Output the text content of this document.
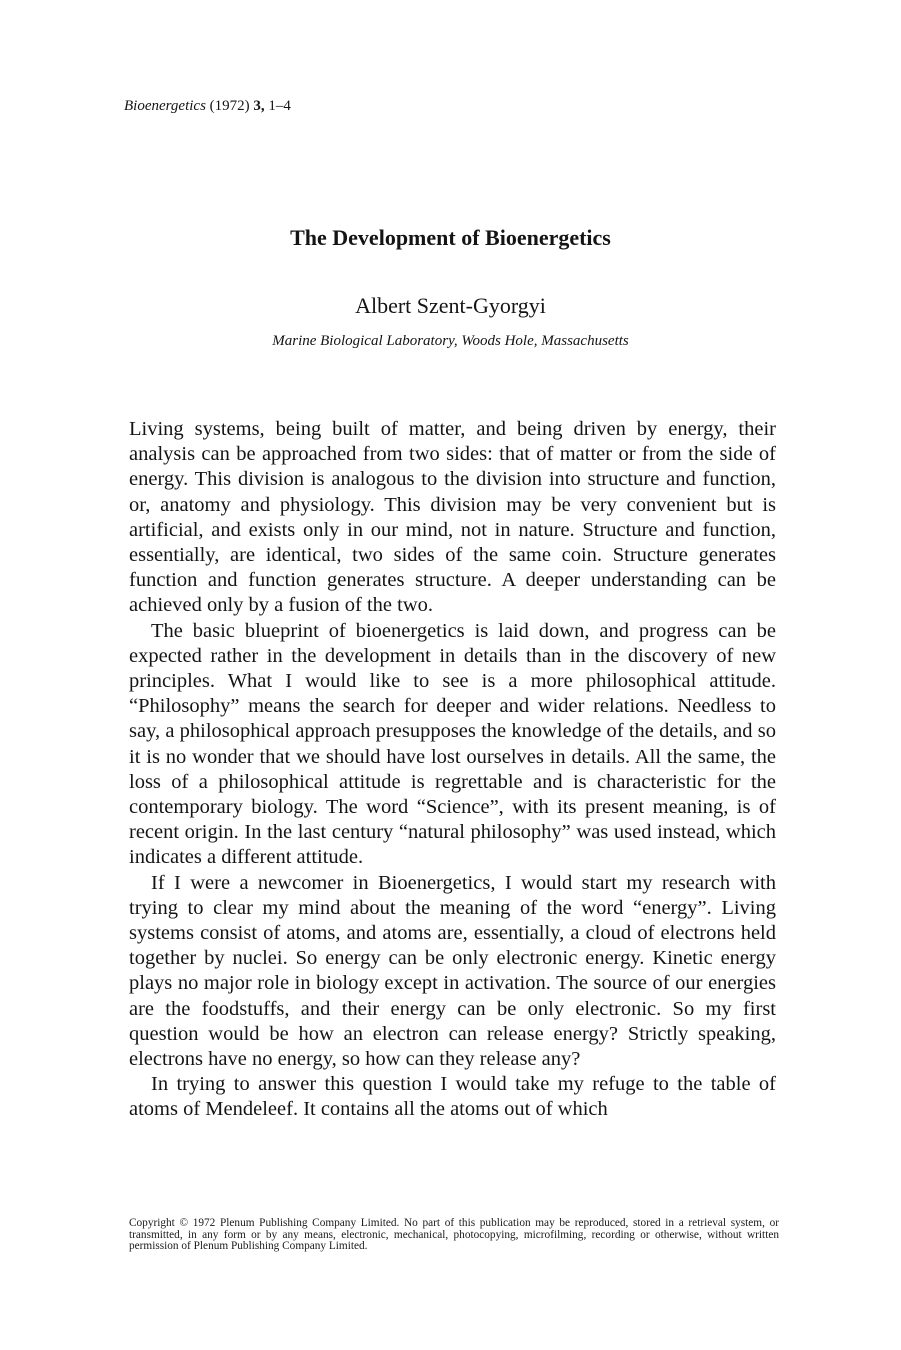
Bioenergetics (1972) 3, 1–4
The Development of Bioenergetics
Albert Szent-Gyorgyi
Marine Biological Laboratory, Woods Hole, Massachusetts

Living systems, being built of matter, and being driven by energy, their analysis can be approached from two sides: that of matter or from the side of energy. This division is analogous to the division into structure and function, or, anatomy and physiology. This division may be very convenient but is artificial, and exists only in our mind, not in nature. Structure and function, essentially, are identical, two sides of the same coin. Structure generates function and function generates structure. A deeper understanding can be achieved only by a fusion of the two.

The basic blueprint of bioenergetics is laid down, and progress can be expected rather in the development in details than in the discovery of new principles. What I would like to see is a more philosophical attitude. “Philosophy” means the search for deeper and wider relations. Needless to say, a philosophical approach presupposes the knowledge of the details, and so it is no wonder that we should have lost ourselves in details. All the same, the loss of a philosophical attitude is regrettable and is characteristic for the contemporary biology. The word “Science”, with its present meaning, is of recent origin. In the last century “natural philosophy” was used instead, which indicates a different attitude.

If I were a newcomer in Bioenergetics, I would start my research with trying to clear my mind about the meaning of the word “energy”. Living systems consist of atoms, and atoms are, essentially, a cloud of electrons held together by nuclei. So energy can be only electronic energy. Kinetic energy plays no major role in biology except in activation. The source of our energies are the foodstuffs, and their energy can be only electronic. So my first question would be how an electron can release energy? Strictly speaking, electrons have no energy, so how can they release any?

In trying to answer this question I would take my refuge to the table of atoms of Mendeleef. It contains all the atoms out of which

Copyright © 1972 Plenum Publishing Company Limited. No part of this publication may be reproduced, stored in a retrieval system, or transmitted, in any form or by any means, electronic, mechanical, photocopying, microfilming, recording or otherwise, without written permission of Plenum Publishing Company Limited.
